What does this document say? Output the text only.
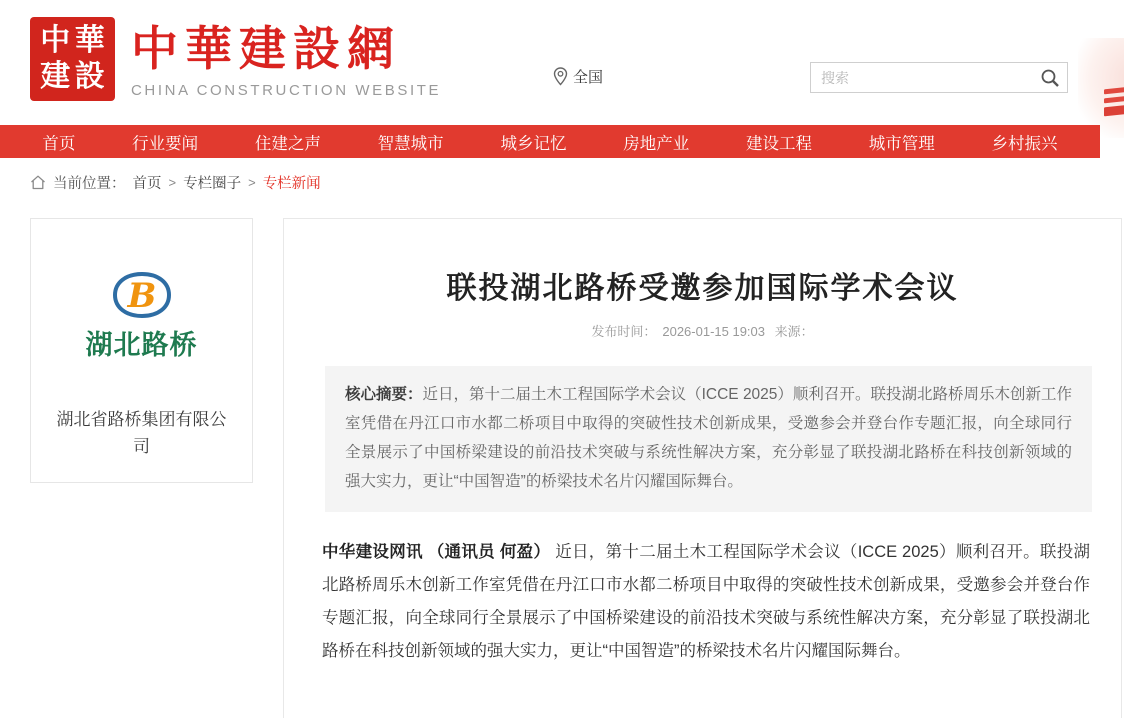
中 華
建 設 中華建設網
CHINA CONSTRUCTION WEBSITE
全国
搜索
首页	行业要闻	住建之声	智慧城市	城乡记忆	房地产业	建设工程	城市管理	乡村振兴
当前位置： 首页 > 专栏圈子 > 专栏新闻
B
湖北路桥
湖北省路桥集团有限公司
联投湖北路桥受邀参加国际学术会议
发布时间： 2026-01-15 19:03 来源：
核心摘要：近日，第十二届土木工程国际学术会议（ICCE 2025）顺利召开。联投湖北路桥周乐木创新工作室凭借在丹江口市水都二桥项目中取得的突破性技术创新成果，受邀参会并登台作专题汇报，向全球同行全景展示了中国桥梁建设的前沿技术突破与系统性解决方案，充分彰显了联投湖北路桥在科技创新领域的强大实力，更让“中国智造”的桥梁技术名片闪耀国际舞台。
中华建设网讯 （通讯员 何盈） 近日，第十二届土木工程国际学术会议（ICCE 2025）顺利召开。联投湖北路桥周乐木创新工作室凭借在丹江口市水都二桥项目中取得的突破性技术创新成果，受邀参会并登台作专题汇报，向全球同行全景展示了中国桥梁建设的前沿技术突破与系统性解决方案，充分彰显了联投湖北路桥在科技创新领域的强大实力，更让“中国智造”的桥梁技术名片闪耀国际舞台。
